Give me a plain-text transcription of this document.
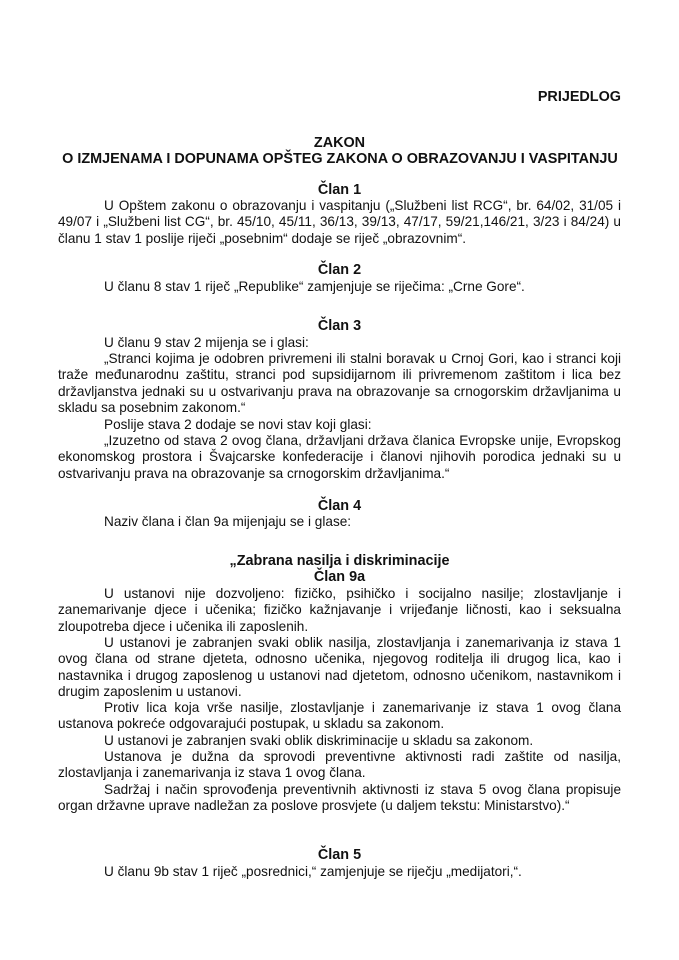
PRIJEDLOG
ZAKON
O IZMJENAMA I DOPUNAMA OPŠTEG ZAKONA O OBRAZOVANJU I VASPITANJU
Član 1

U Opštem zakonu o obrazovanju i vaspitanju („Službeni list RCG“, br. 64/02, 31/05 i 49/07 i „Službeni list CG“, br. 45/10, 45/11, 36/13, 39/13, 47/17, 59/21,146/21, 3/23 i 84/24) u članu 1 stav 1 poslije riječi „posebnim“ dodaje se riječ „obrazovnim“.

Član 2

U članu 8 stav 1 riječ „Republike“ zamjenjuje se riječima: „Crne Gore“.

Član 3

U članu 9 stav 2 mijenja se i glasi:

„Stranci kojima je odobren privremeni ili stalni boravak u Crnoj Gori, kao i stranci koji traže međunarodnu zaštitu, stranci pod supsidijarnom ili privremenom zaštitom i lica bez državljanstva jednaki su u ostvarivanju prava na obrazovanje sa crnogorskim državljanima u skladu sa posebnim zakonom.“

Poslije stava 2 dodaje se novi stav koji glasi:

„Izuzetno od stava 2 ovog člana, državljani država članica Evropske unije, Evropskog ekonomskog prostora i Švajcarske konfederacije i članovi njihovih porodica jednaki su u ostvarivanju prava na obrazovanje sa crnogorskim državljanima.“

Član 4

Naziv člana i član 9a mijenjaju se i glase:

„Zabrana nasilja i diskriminacije
Član 9a

U ustanovi nije dozvoljeno: fizičko, psihičko i socijalno nasilje; zlostavljanje i zanemarivanje djece i učenika; fizičko kažnjavanje i vrijeđanje ličnosti, kao i seksualna zloupotreba djece i učenika ili zaposlenih.

U ustanovi je zabranjen svaki oblik nasilja, zlostavljanja i zanemarivanja iz stava 1 ovog člana od strane djeteta, odnosno učenika, njegovog roditelja ili drugog lica, kao i nastavnika i drugog zaposlenog u ustanovi nad djetetom, odnosno učenikom, nastavnikom i drugim zaposlenim u ustanovi.

Protiv lica koja vrše nasilje, zlostavljanje i zanemarivanje iz stava 1 ovog člana ustanova pokreće odgovarajući postupak, u skladu sa zakonom.

U ustanovi je zabranjen svaki oblik diskriminacije u skladu sa zakonom.

Ustanova je dužna da sprovodi preventivne aktivnosti radi zaštite od nasilja, zlostavljanja i zanemarivanja iz stava 1 ovog člana.

Sadržaj i način sprovođenja preventivnih aktivnosti iz stava 5 ovog člana propisuje organ državne uprave nadležan za poslove prosvjete (u daljem tekstu: Ministarstvo).“

Član 5

U članu 9b stav 1 riječ „posrednici,“ zamjenjuje se riječju „medijatori,“.
